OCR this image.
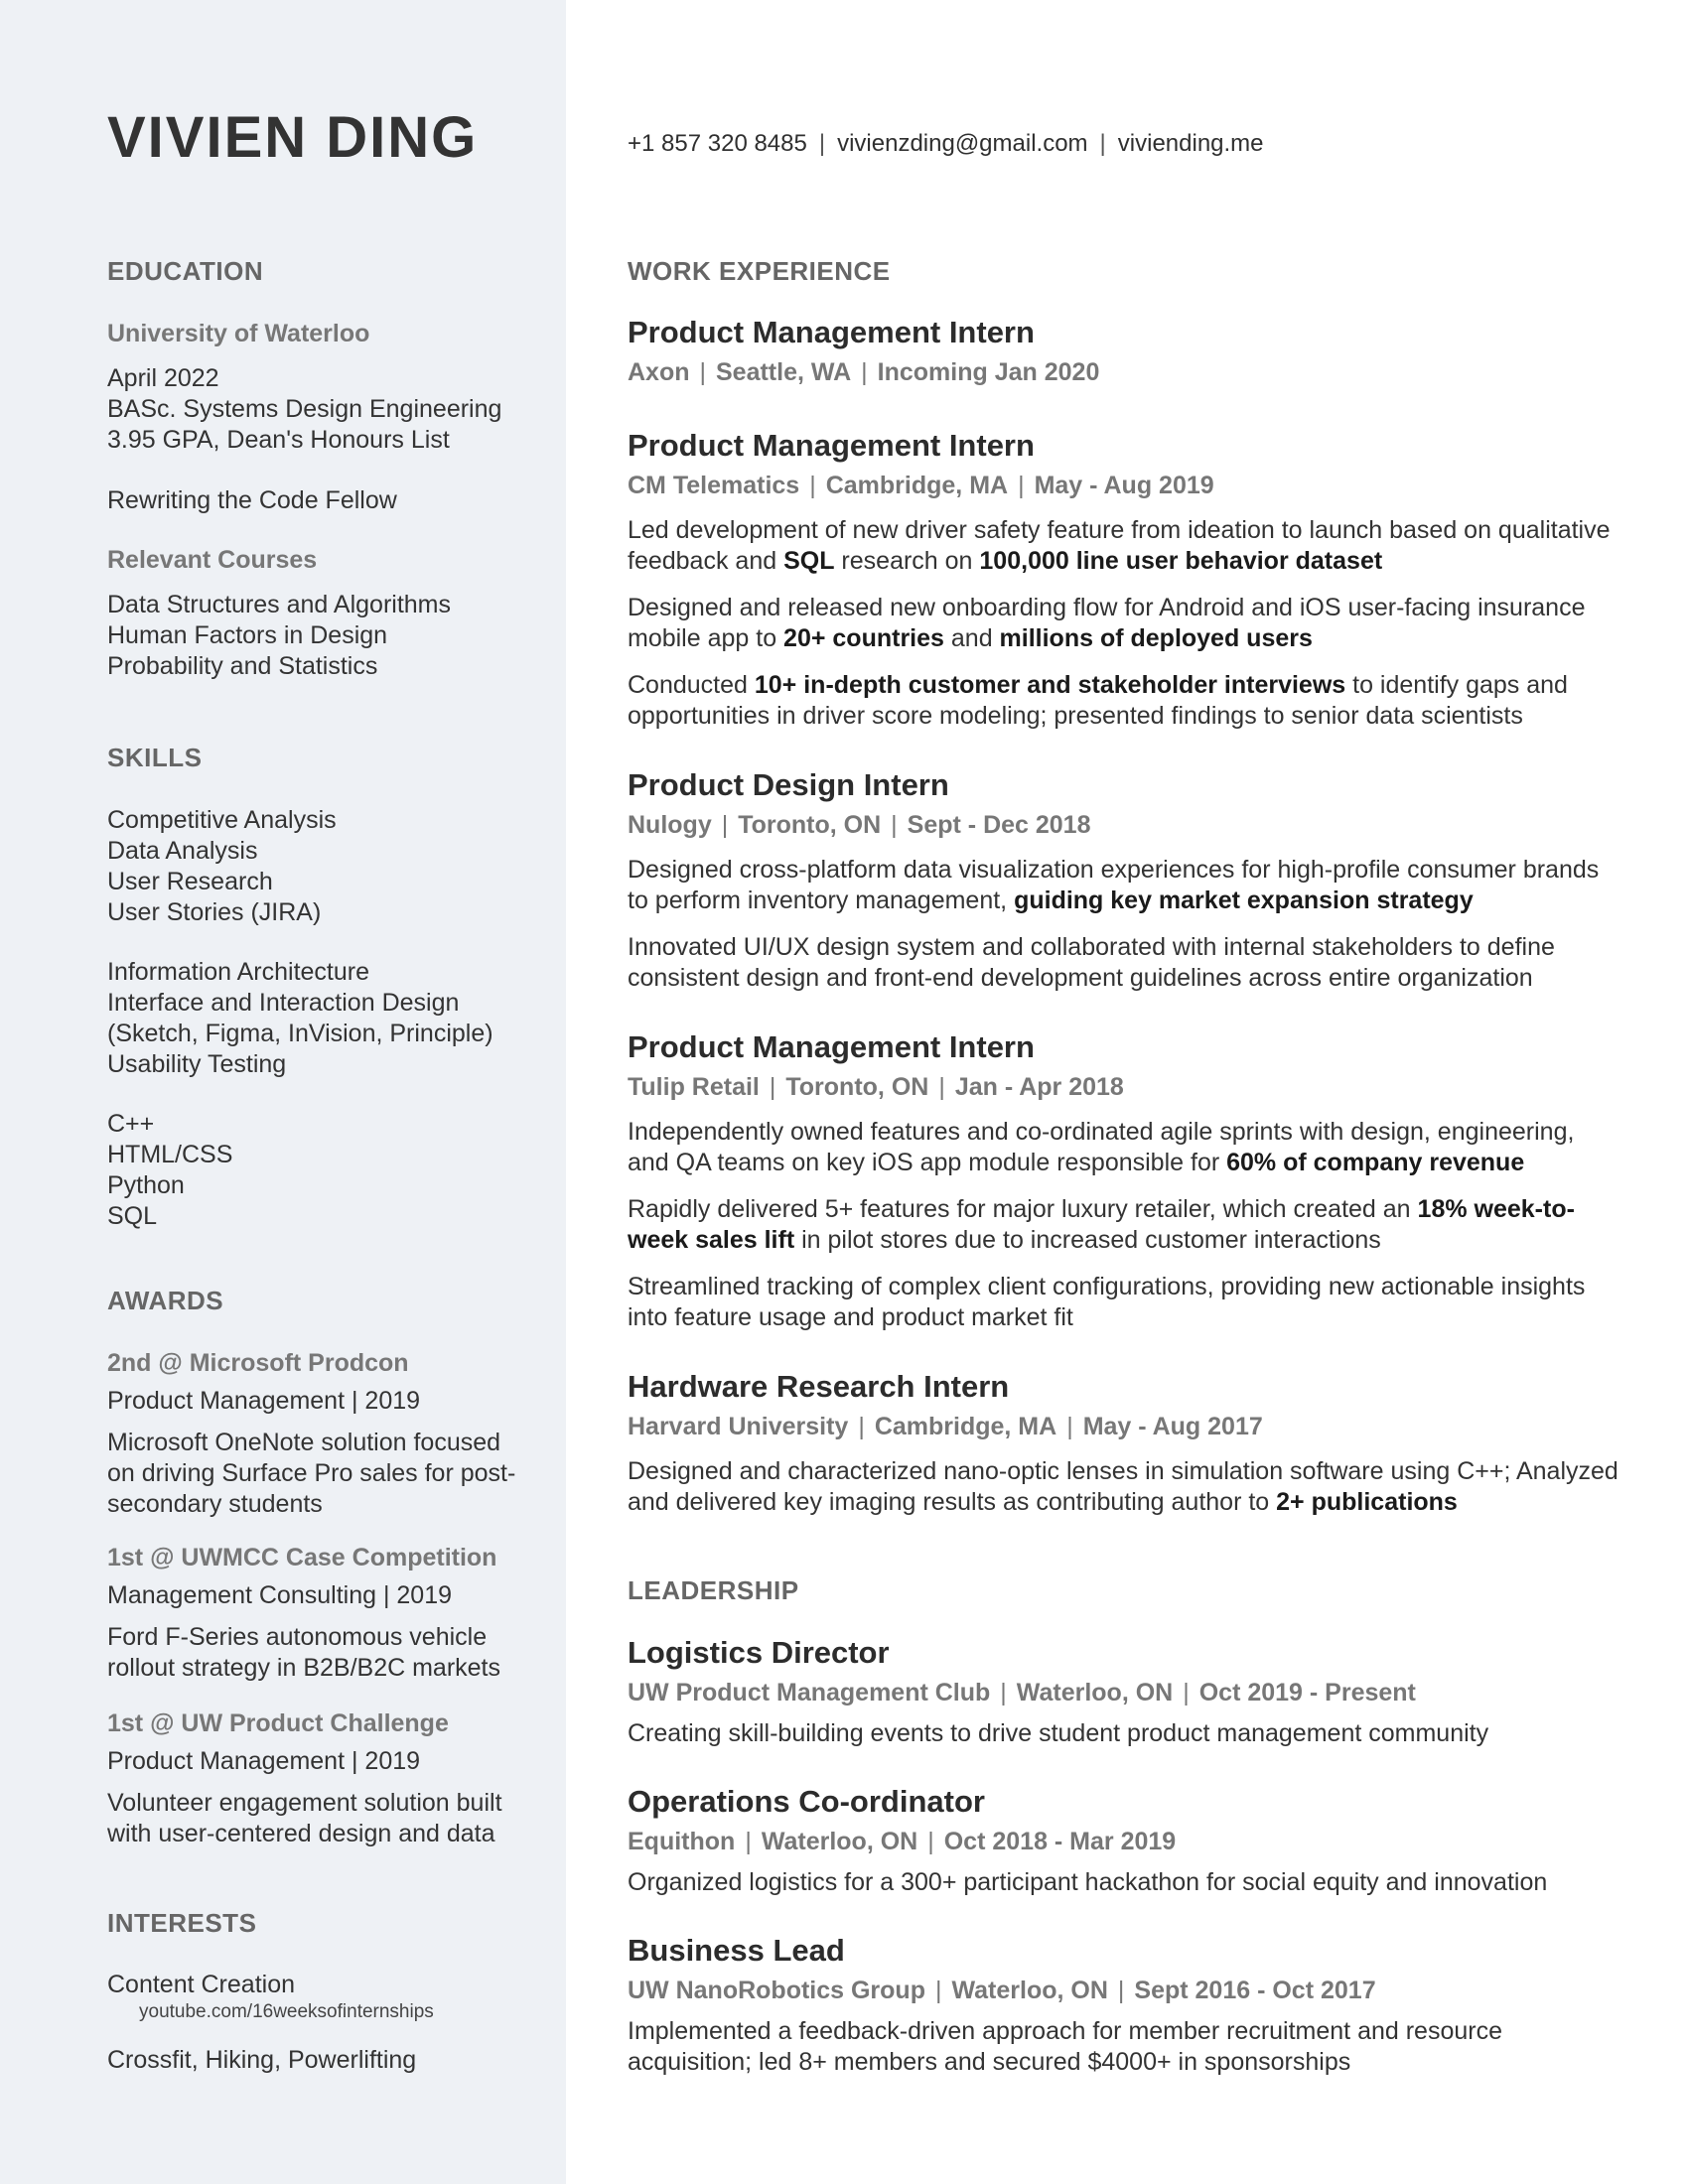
VIVIEN DING	+1 857 320 8485 | vivienzding@gmail.com | viviending.me
EDUCATION
University of Waterloo
April 2022
BASc. Systems Design Engineering
3.95 GPA, Dean's Honours List
Rewriting the Code Fellow
Relevant Courses
Data Structures and Algorithms
Human Factors in Design
Probability and Statistics
SKILLS
Competitive Analysis
Data Analysis
User Research
User Stories (JIRA)
Information Architecture
Interface and Interaction Design
(Sketch, Figma, InVision, Principle)
Usability Testing
C++
HTML/CSS
Python
SQL
AWARDS
2nd @ Microsoft Prodcon
Product Management | 2019
Microsoft OneNote solution focused
on driving Surface Pro sales for post-
secondary students
1st @ UWMCC Case Competition
Management Consulting | 2019
Ford F-Series autonomous vehicle
rollout strategy in B2B/B2C markets
1st @ UW Product Challenge
Product Management | 2019
Volunteer engagement solution built
with user-centered design and data
INTERESTS
Content Creation
youtube.com/16weeksofinternships
Crossfit, Hiking, Powerlifting
WORK EXPERIENCE
Product Management Intern
Axon | Seattle, WA | Incoming Jan 2020
Product Management Intern
CM Telematics | Cambridge, MA | May - Aug 2019

Led development of new driver safety feature from ideation to launch based on qualitative feedback and SQL research on 100,000 line user behavior dataset

Designed and released new onboarding flow for Android and iOS user-facing insurance mobile app to 20+ countries and millions of deployed users

Conducted 10+ in-depth customer and stakeholder interviews to identify gaps and opportunities in driver score modeling; presented findings to senior data scientists

Product Design Intern
Nulogy | Toronto, ON | Sept - Dec 2018

Designed cross-platform data visualization experiences for high-profile consumer brands to perform inventory management, guiding key market expansion strategy

Innovated UI/UX design system and collaborated with internal stakeholders to define consistent design and front-end development guidelines across entire organization

Product Management Intern
Tulip Retail | Toronto, ON | Jan - Apr 2018

Independently owned features and co-ordinated agile sprints with design, engineering, and QA teams on key iOS app module responsible for 60% of company revenue

Rapidly delivered 5+ features for major luxury retailer, which created an 18% week-to-week sales lift in pilot stores due to increased customer interactions

Streamlined tracking of complex client configurations, providing new actionable insights into feature usage and product market fit

Hardware Research Intern
Harvard University | Cambridge, MA | May - Aug 2017

Designed and characterized nano-optic lenses in simulation software using C++; Analyzed and delivered key imaging results as contributing author to 2+ publications

LEADERSHIP
Logistics Director
UW Product Management Club | Waterloo, ON | Oct 2019 - Present

Creating skill-building events to drive student product management community

Operations Co-ordinator
Equithon | Waterloo, ON | Oct 2018 - Mar 2019

Organized logistics for a 300+ participant hackathon for social equity and innovation

Business Lead
UW NanoRobotics Group | Waterloo, ON | Sept 2016 - Oct 2017

Implemented a feedback-driven approach for member recruitment and resource acquisition; led 8+ members and secured $4000+ in sponsorships
